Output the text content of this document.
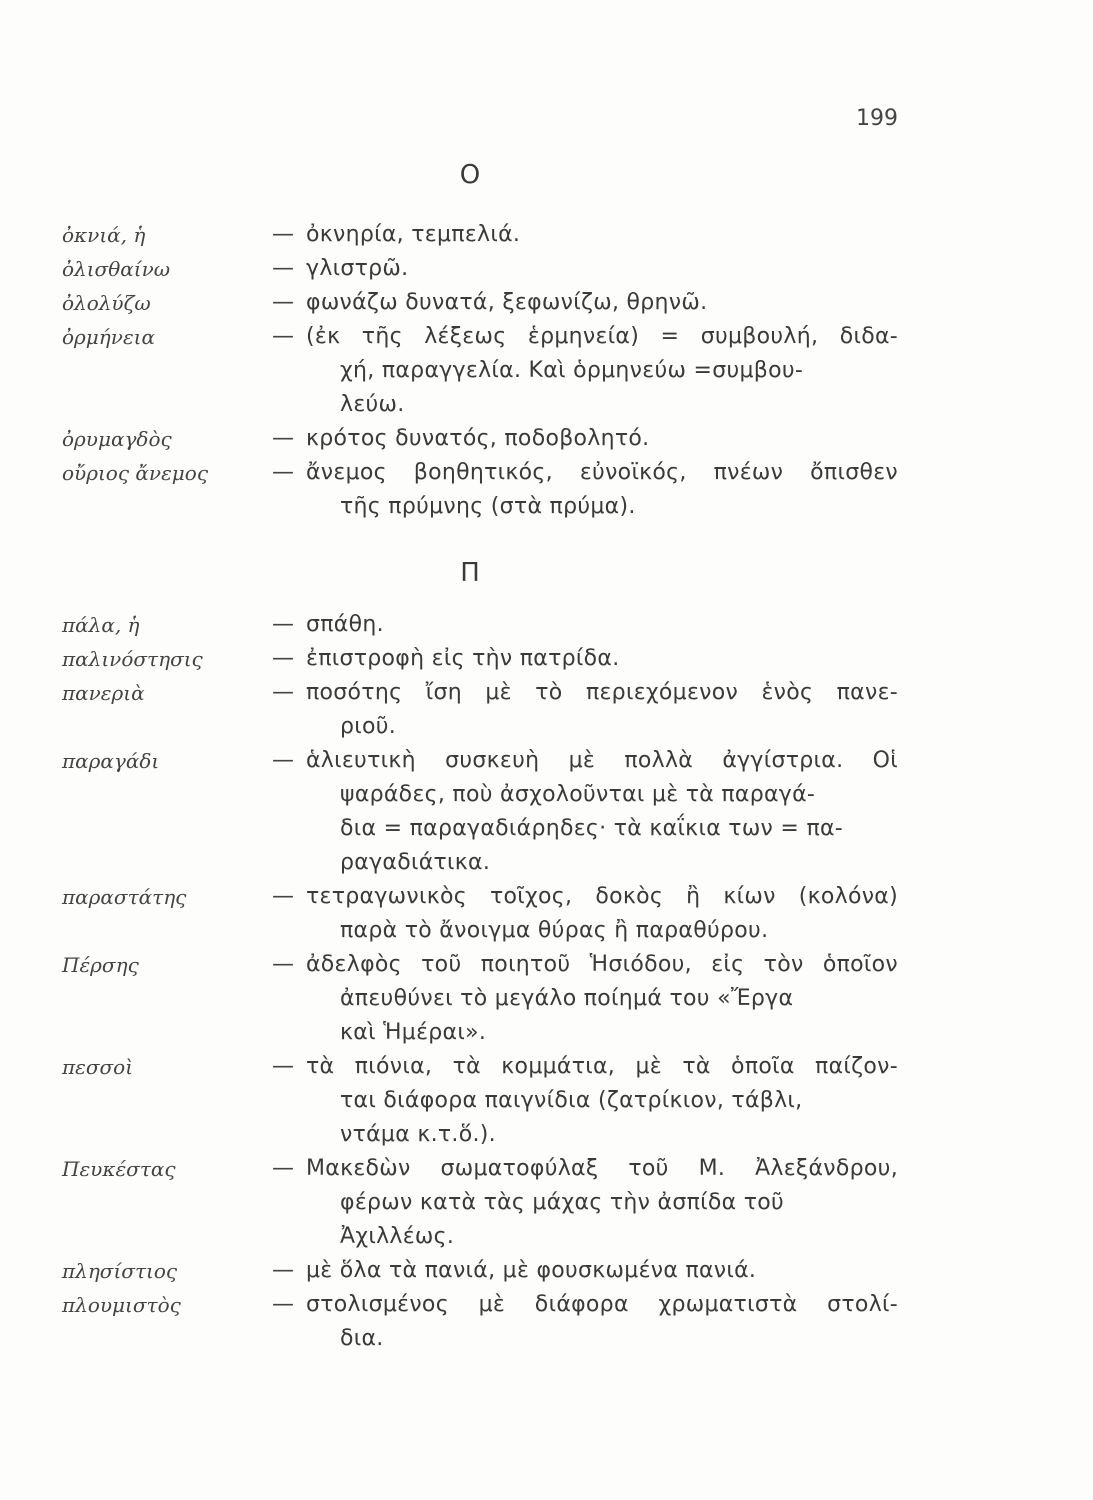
199
Ο
Π
ὀκνιά, ἡ	— ὀκνηρία, τεμπελιά.
ὀλισθαίνω	— γλιστρῶ.
ὀλολύζω	— φωνάζω δυνατά, ξεφωνίζω, θρηνῶ.
ὀρμήνεια	— (ἐκ τῆς λέξεως ἑρμηνεία) = συμβουλή, διδα-
χή, παραγγελία. Καὶ ὁρμηνεύω =συμβου-
λεύω.
ὀρυμαγδὸς	— κρότος δυνατός, ποδοβολητό.
οὔριος ἄνεμος	— ἄνεμος βοηθητικός, εὐνοϊκός, πνέων ὄπισθεν
τῆς πρύμνης (στὰ πρύμα).
πάλα, ἡ	— σπάθη.
παλινόστησις	— ἐπιστροφὴ εἰς τὴν πατρίδα.
πανεριὰ	— ποσότης ἴση μὲ τὸ περιεχόμενον ἑνὸς πανε-
ριοῦ.
παραγάδι	— ἁλιευτικὴ συσκευὴ μὲ πολλὰ ἀγγίστρια. Οἱ
ψαράδες, ποὺ ἀσχολοῦνται μὲ τὰ παραγά-
δια = παραγαδιάρηδες· τὰ καΐκια των = πα-
ραγαδιάτικα.
παραστάτης	— τετραγωνικὸς τοῖχος, δοκὸς ἢ κίων (κολόνα)
παρὰ τὸ ἄνοιγμα θύρας ἢ παραθύρου.
Πέρσης	— ἀδελφὸς τοῦ ποιητοῦ Ἡσιόδου, εἰς τὸν ὁποῖον
ἀπευθύνει τὸ μεγάλο ποίημά του «Ἔργα
καὶ Ἡμέραι».
πεσσοὶ	— τὰ πιόνια, τὰ κομμάτια, μὲ τὰ ὁποῖα παίζον-
ται διάφορα παιγνίδια (ζατρίκιον, τάβλι,
ντάμα κ.τ.ὅ.).
Πευκέστας	— Μακεδὼν σωματοφύλαξ τοῦ Μ. Ἀλεξάνδρου,
φέρων κατὰ τὰς μάχας τὴν ἀσπίδα τοῦ
Ἀχιλλέως.
πλησίστιος	— μὲ ὅλα τὰ πανιά, μὲ φουσκωμένα πανιά.
πλουμιστὸς	— στολισμένος μὲ διάφορα χρωματιστὰ στολί-
δια.
